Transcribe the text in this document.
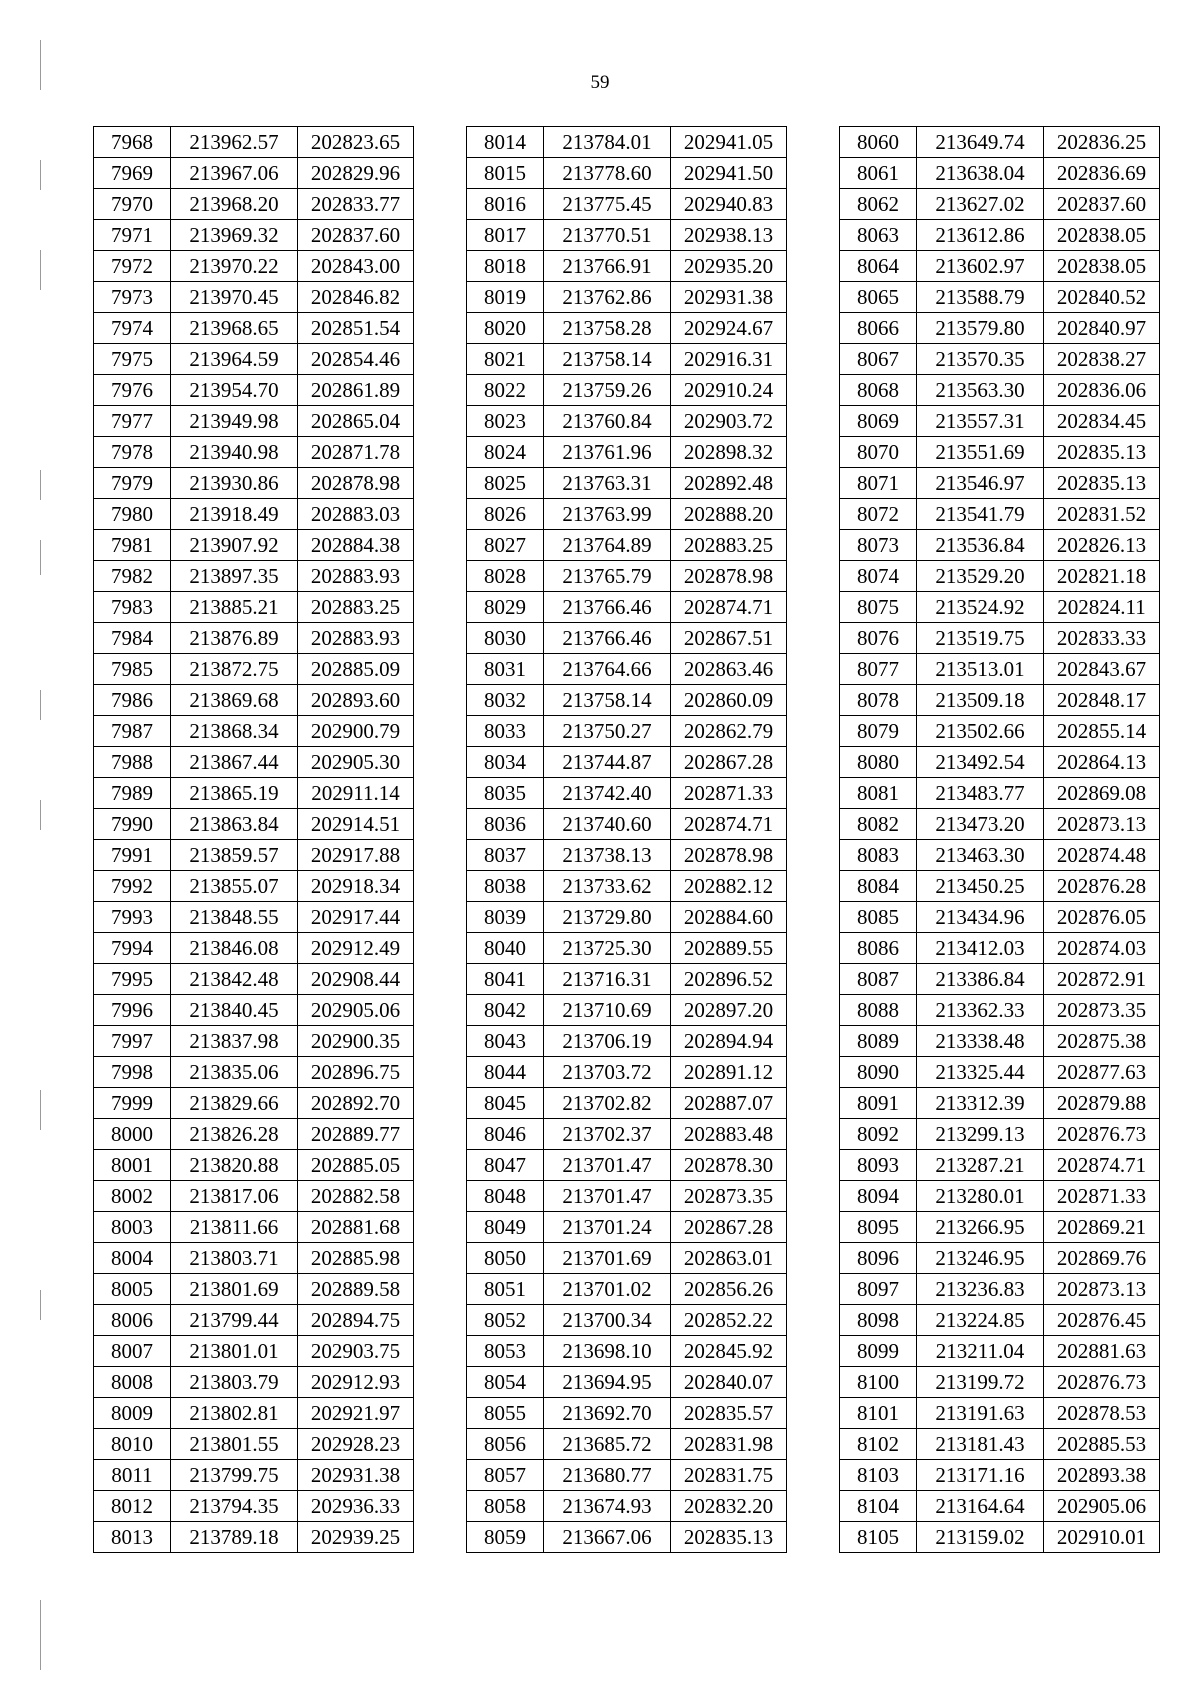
59
7968	213962.57	202823.65
7969	213967.06	202829.96
7970	213968.20	202833.77
7971	213969.32	202837.60
7972	213970.22	202843.00
7973	213970.45	202846.82
7974	213968.65	202851.54
7975	213964.59	202854.46
7976	213954.70	202861.89
7977	213949.98	202865.04
7978	213940.98	202871.78
7979	213930.86	202878.98
7980	213918.49	202883.03
7981	213907.92	202884.38
7982	213897.35	202883.93
7983	213885.21	202883.25
7984	213876.89	202883.93
7985	213872.75	202885.09
7986	213869.68	202893.60
7987	213868.34	202900.79
7988	213867.44	202905.30
7989	213865.19	202911.14
7990	213863.84	202914.51
7991	213859.57	202917.88
7992	213855.07	202918.34
7993	213848.55	202917.44
7994	213846.08	202912.49
7995	213842.48	202908.44
7996	213840.45	202905.06
7997	213837.98	202900.35
7998	213835.06	202896.75
7999	213829.66	202892.70
8000	213826.28	202889.77
8001	213820.88	202885.05
8002	213817.06	202882.58
8003	213811.66	202881.68
8004	213803.71	202885.98
8005	213801.69	202889.58
8006	213799.44	202894.75
8007	213801.01	202903.75
8008	213803.79	202912.93
8009	213802.81	202921.97
8010	213801.55	202928.23
8011	213799.75	202931.38
8012	213794.35	202936.33
8013	213789.18	202939.25
8014	213784.01	202941.05
8015	213778.60	202941.50
8016	213775.45	202940.83
8017	213770.51	202938.13
8018	213766.91	202935.20
8019	213762.86	202931.38
8020	213758.28	202924.67
8021	213758.14	202916.31
8022	213759.26	202910.24
8023	213760.84	202903.72
8024	213761.96	202898.32
8025	213763.31	202892.48
8026	213763.99	202888.20
8027	213764.89	202883.25
8028	213765.79	202878.98
8029	213766.46	202874.71
8030	213766.46	202867.51
8031	213764.66	202863.46
8032	213758.14	202860.09
8033	213750.27	202862.79
8034	213744.87	202867.28
8035	213742.40	202871.33
8036	213740.60	202874.71
8037	213738.13	202878.98
8038	213733.62	202882.12
8039	213729.80	202884.60
8040	213725.30	202889.55
8041	213716.31	202896.52
8042	213710.69	202897.20
8043	213706.19	202894.94
8044	213703.72	202891.12
8045	213702.82	202887.07
8046	213702.37	202883.48
8047	213701.47	202878.30
8048	213701.47	202873.35
8049	213701.24	202867.28
8050	213701.69	202863.01
8051	213701.02	202856.26
8052	213700.34	202852.22
8053	213698.10	202845.92
8054	213694.95	202840.07
8055	213692.70	202835.57
8056	213685.72	202831.98
8057	213680.77	202831.75
8058	213674.93	202832.20
8059	213667.06	202835.13
8060	213649.74	202836.25
8061	213638.04	202836.69
8062	213627.02	202837.60
8063	213612.86	202838.05
8064	213602.97	202838.05
8065	213588.79	202840.52
8066	213579.80	202840.97
8067	213570.35	202838.27
8068	213563.30	202836.06
8069	213557.31	202834.45
8070	213551.69	202835.13
8071	213546.97	202835.13
8072	213541.79	202831.52
8073	213536.84	202826.13
8074	213529.20	202821.18
8075	213524.92	202824.11
8076	213519.75	202833.33
8077	213513.01	202843.67
8078	213509.18	202848.17
8079	213502.66	202855.14
8080	213492.54	202864.13
8081	213483.77	202869.08
8082	213473.20	202873.13
8083	213463.30	202874.48
8084	213450.25	202876.28
8085	213434.96	202876.05
8086	213412.03	202874.03
8087	213386.84	202872.91
8088	213362.33	202873.35
8089	213338.48	202875.38
8090	213325.44	202877.63
8091	213312.39	202879.88
8092	213299.13	202876.73
8093	213287.21	202874.71
8094	213280.01	202871.33
8095	213266.95	202869.21
8096	213246.95	202869.76
8097	213236.83	202873.13
8098	213224.85	202876.45
8099	213211.04	202881.63
8100	213199.72	202876.73
8101	213191.63	202878.53
8102	213181.43	202885.53
8103	213171.16	202893.38
8104	213164.64	202905.06
8105	213159.02	202910.01
